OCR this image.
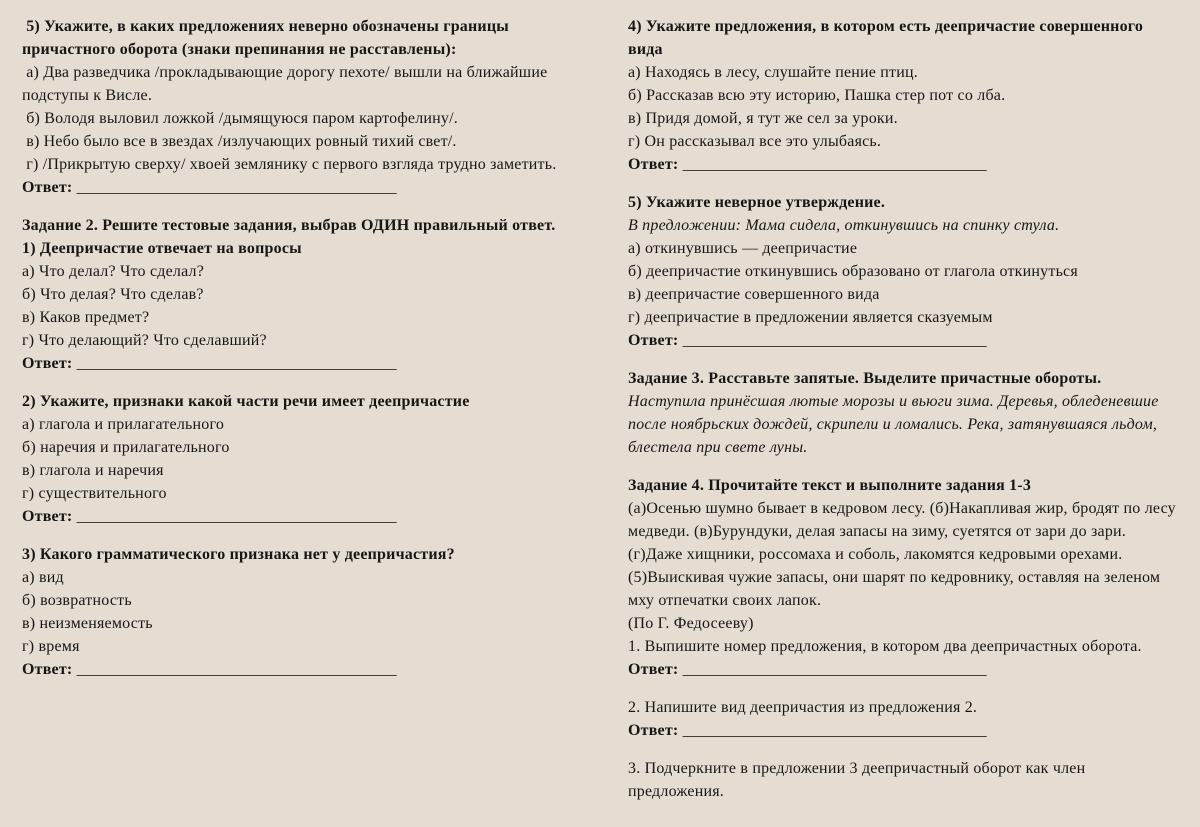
5) Укажите, в каких предложениях неверно обозначены границы
причастного оборота (знаки препинания не расставлены):
а) Два разведчика /прокладывающие дорогу пехоте/ вышли на ближайшие
подступы к Висле.
б) Володя выловил ложкой /дымящуюся паром картофелину/.
в) Небо было все в звездах /излучающих ровный тихий свет/.
г) /Прикрытую сверху/ хвоей землянику с первого взгляда трудно заметить.
Ответ: ________________________________________
Задание 2. Решите тестовые задания, выбрав ОДИН правильный ответ.
1) Деепричастие отвечает на вопросы
а) Что делал? Что сделал?
б) Что делая? Что сделав?
в) Каков предмет?
г) Что делающий? Что сделавший?
Ответ: ________________________________________
2) Укажите, признаки какой части речи имеет деепричастие
а) глагола и прилагательного
б) наречия и прилагательного
в) глагола и наречия
г) существительного
Ответ: ________________________________________
3) Какого грамматического признака нет у деепричастия?
а) вид
б) возвратность
в) неизменяемость
г) время
Ответ: ________________________________________
4) Укажите предложения, в котором есть деепричастие совершенного
вида
а) Находясь в лесу, слушайте пение птиц.
б) Рассказав всю эту историю, Пашка стер пот со лба.
в) Придя домой, я тут же сел за уроки.
г) Он рассказывал все это улыбаясь.
Ответ: ______________________________________
5) Укажите неверное утверждение.
В предложении: Мама сидела, откинувшись на спинку стула.
а) откинувшись — деепричастие
б) деепричастие откинувшись образовано от глагола откинуться
в) деепричастие совершенного вида
г) деепричастие в предложении является сказуемым
Ответ: ______________________________________
Задание 3. Расставьте запятые. Выделите причастные обороты.
Наступила принёсшая лютые морозы и вьюги зима. Деревья, обледеневшие
после ноябрьских дождей, скрипели и ломались. Река, затянувшаяся льдом,
блестела при свете луны.
Задание 4. Прочитайте текст и выполните задания 1-3
(а)Осенью шумно бывает в кедровом лесу. (б)Накапливая жир, бродят по лесу
медведи. (в)Бурундуки, делая запасы на зиму, суетятся от зари до зари.
(г)Даже хищники, россомаха и соболь, лакомятся кедровыми орехами.
(5)Выискивая чужие запасы, они шарят по кедровнику, оставляя на зеленом
мху отпечатки своих лапок.
(По Г. Федосееву)
1. Выпишите номер предложения, в котором два деепричастных оборота.
Ответ: ______________________________________
2. Напишите вид деепричастия из предложения 2.
Ответ: ______________________________________
3. Подчеркните в предложении 3 деепричастный оборот как член
предложения.
